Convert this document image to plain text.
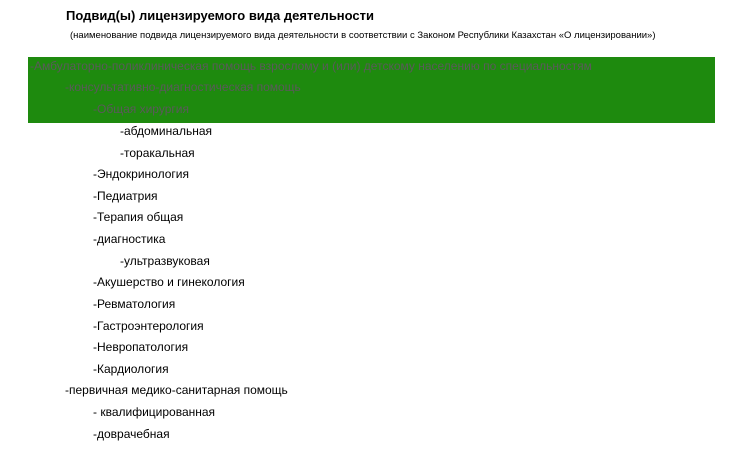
Подвид(ы) лицензируемого вида деятельности
(наименование подвида лицензируемого вида деятельности в соответствии с Законом Республики Казахстан «О лицензировании»)
-Амбулаторно-поликлиническая помощь взрослому и (или) детскому населению по специальностям
-консультативно-диагностическая помощь
-Общая хирургия
-абдоминальная
-торакальная
-Эндокринология
-Педиатрия
-Терапия общая
-диагностика
-ультразвуковая
-Акушерство и гинекология
-Ревматология
-Гастроэнтерология
-Невропатология
-Кардиология
-первичная медико-санитарная помощь
- квалифицированная
-доврачебная
